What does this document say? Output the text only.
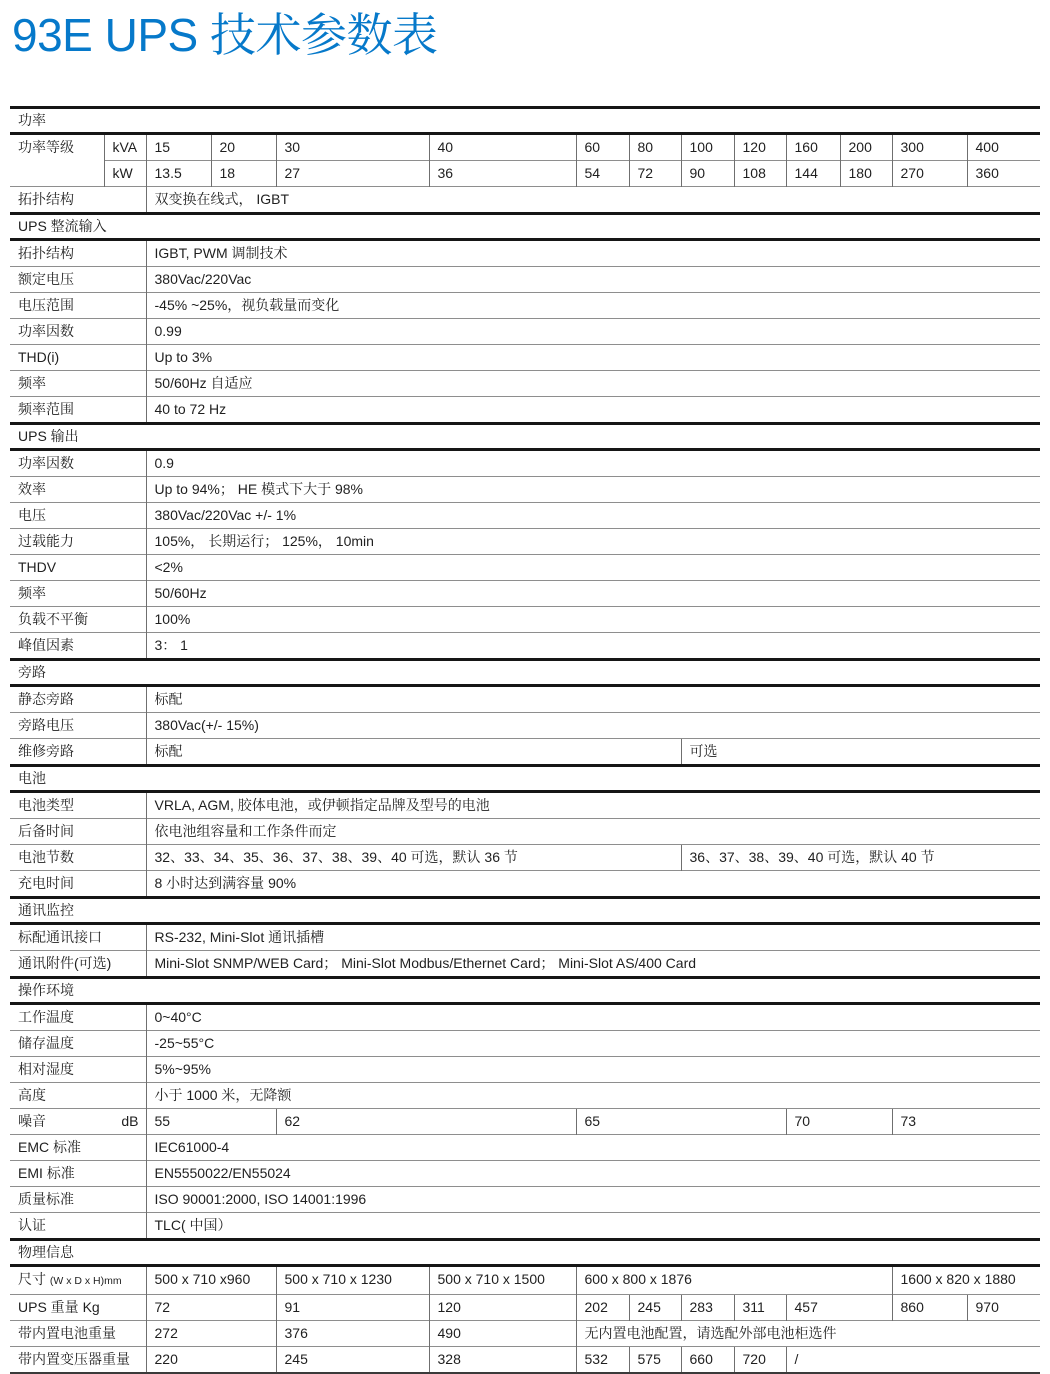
93E UPS 技术参数表
功率													
功率等级	kVA	15	20	30	40	60	80	100	120	160	200	300	400
	kW	13.5	18	27	36	54	72	90	108	144	180	270	360
拓扑结构		双变换在线式， IGBT											
UPS 整流输入													
拓扑结构		IGBT, PWM 调制技术											
额定电压		380Vac/220Vac											
电压范围		-45% ~25%，视负载量而变化											
功率因数		0.99											
THD(i)		Up to 3%											
频率		50/60Hz 自适应											
频率范围		40 to 72 Hz											
UPS 输出													
功率因数		0.9											
效率		Up to 94%； HE 模式下大于 98%											
电压		380Vac/220Vac +/- 1%											
过载能力		105%， 长期运行； 125%， 10min											
THDV		<2%											
频率		50/60Hz											
负载不平衡		100%											
峰值因素		3： 1											
旁路													
静态旁路		标配											
旁路电压		380Vac(+/- 15%)											
维修旁路		标配						可选					
电池													
电池类型		VRLA, AGM, 胶体电池，或伊顿指定品牌及型号的电池											
后备时间		依电池组容量和工作条件而定											
电池节数		32、33、34、35、36、37、38、39、40 可选，默认 36 节						36、37、38、39、40 可选，默认 40 节					
充电时间		8 小时达到满容量 90%											
通讯监控													
标配通讯接口		RS-232, Mini-Slot 通讯插槽											
通讯附件(可选)		Mini-Slot SNMP/WEB Card； Mini-Slot Modbus/Ethernet Card； Mini-Slot AS/400 Card											
操作环境													
工作温度		0~40°C											
储存温度		-25~55°C											
相对湿度		5%~95%											
高度		小于 1000 米，无降额											

噪音 dB		55		62		65				70		73	
EMC 标准		IEC61000-4											
EMI 标准		EN5550022/EN55024											
质量标准		ISO 90001:2000, ISO 14001:1996											
认证		TLC( 中国）											
物理信息													
尺寸 (W x D x H)mm		500 x 710 x960		500 x 710 x 1230	500 x 710 x 1500	600 x 800 x 1876						1600 x 820 x 1880	
UPS 重量 Kg		72		91	120	202	245	283	311	457		860	970
带内置电池重量		272		376	490	无内置电池配置，请选配外部电池柜选件							
带内置变压器重量		220		245	328	532	575	660	720	/			
